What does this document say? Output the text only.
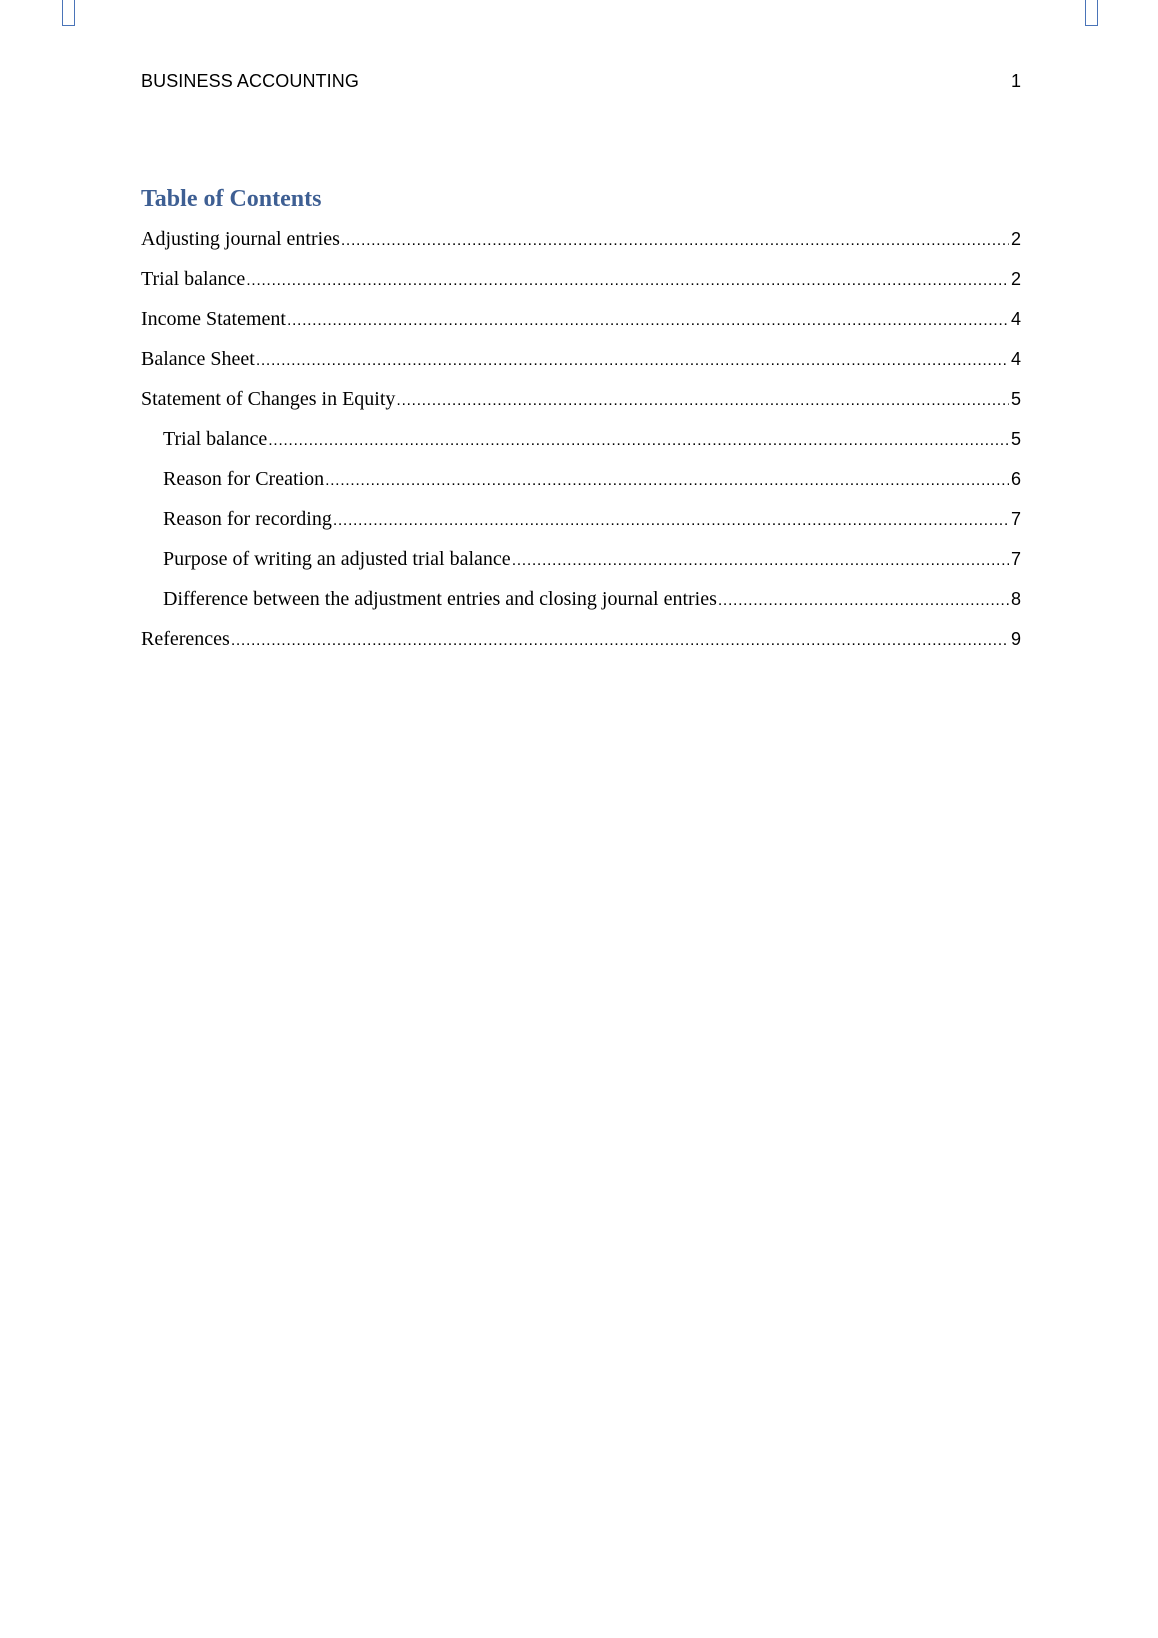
BUSINESS ACCOUNTING	1
Table of Contents
Adjusting journal entries .....	2
Trial balance .....	2
Income Statement .....	4
Balance Sheet .....	4
Statement of Changes in Equity .....	5
Trial balance .....	5
Reason for Creation .....	6
Reason for recording .....	7
Purpose of writing an adjusted trial balance .....	7
Difference between the adjustment entries and closing journal entries .....	8
References .....	9
